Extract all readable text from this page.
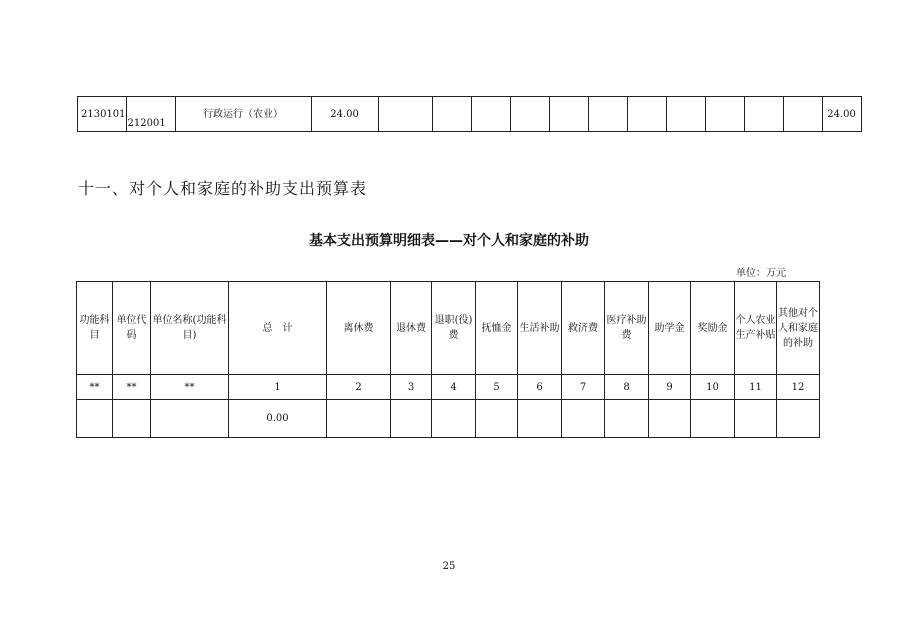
2130101	212001	行政运行（农业）	24.00												24.00
十一、对个人和家庭的补助支出预算表
基本支出预算明细表——对个人和家庭的补助
单位：万元
功能科目	单位代码	单位名称(功能科目)	总　计	离休费	退休费	退职(役)费	抚恤金	生活补助	救济费	医疗补助费	助学金	奖励金	个人农业生产补贴	其他对个人和家庭的补助
**	**	**	1	2	3	4	5	6	7	8	9	10	11	12
			0.00											
25
